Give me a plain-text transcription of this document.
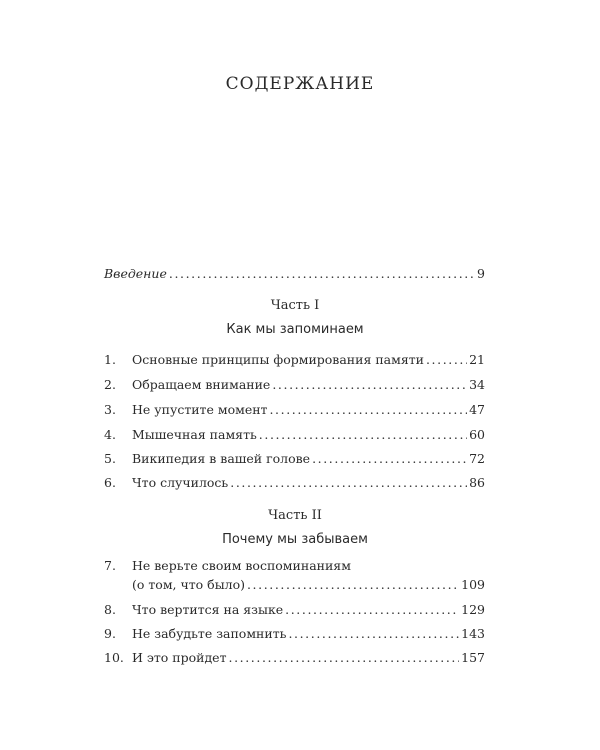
СОДЕРЖАНИЕ
Введение .....	9
Часть I
Как мы запоминаем
1.	Основные принципы формирования памяти .....	21
2.	Обращаем внимание .....	34
3.	Не упустите момент .....	47
4.	Мышечная память .....	60
5.	Википедия в вашей голове .....	72
6.	Что случилось .....	86
Часть II
Почему мы забываем
7. Не верьте своим воспоминаниям
(о том, что было) .....	109
8.	Что вертится на языке .....	129
9.	Не забудьте запомнить .....	143
10. И это пройдет .....	157
